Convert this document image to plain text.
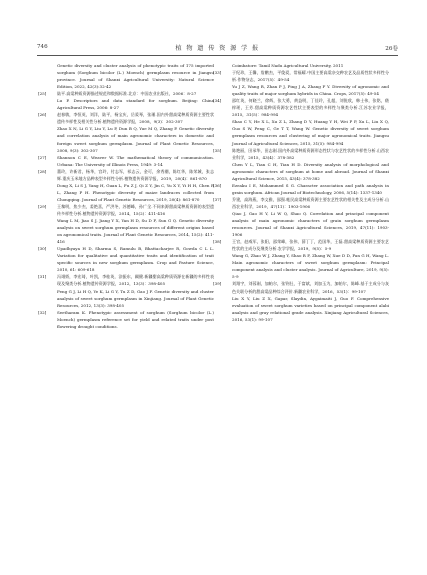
746	植 物 遗 传 资 源 学 报	26卷
Genetic diversity and cluster analysis of phenotypic traits of 175 imported sorghum (Sorghum bicolor (L.) Moench) germplasm resource in Jiangsu province. Journal of Shanxi Agricultural University: Natural Science Edition, 2022, 42(3):32-42
[25]	陆平.高粱种质资源描述规范和数据标准.北京：中国农业出版社，2006：8-27
Lu P. Descriptors and data standard for sorghum. Beijing: China Agricultural Press, 2006: 8-27
[26]	赵春敏，李恒英，刘洋，陆平，杨宝庆，岳爱琴，张瑾.国内外甜高粱种质资源主要性状遗传多样性及相关性分析.植物遗传资源学报，2008，9(3)：302-307
Zhao X N, Li G Y, Liu Y, Lu P, Dun B Q, Yue M Q, Zhang P. Genetic diversity and correlation analysis of main agronomic characters in domestic and foreign sweet sorghum germplasm. Journal of Plant Genetic Resources, 2008, 9(3): 302-307
[27]	Shannon C E, Weaver W. The mathematical theory of communication. Urbana: The University of Illinois Press, 1949: 3-14
[28]	董玲，许新君，杨华，宫玲，付志军，祁志云，金可，余秀潮，陈红华，陈荣城，张志辉.重庆玉米地方品种表型多样性分析.植物遗传资源学报，2019，20(4)：861-870
Dong X, Li S J, Yang H, Guan L, Fu Z J, Qi Z Y, Jin C, Yu X Y, Yi H H, Chen R L, Zhang P H. Phenotypic diversity of maize landraces collected from Chongqing. Journal of Plant Genetic Resources, 2019, 20(4): 861-870
[29]	王黎明，焦少杰，姜艳喜，严洪冬，苏德峰，孙广全.不同来源甜高粱种质资源的表型遗传多样性分析.植物遗传资源学报，2014，15(2)：411-416
Wang L M, Jiao S J, Jiang Y X, Yan H D, Su D F, Sun G Q. Genetic diversity analysis on sweet sorghum germplasm resources of different origins based on agronomical traits. Journal of Plant Genetic Resources, 2014, 15(2): 411-416
[30]	Upadhyaya H D, Sharma S, Ramulu B, Bhattacharjee R, Gowda C L L. Variation for qualitative and quantitative traits and identification of trait specific sources in new sorghum germplasm. Crop and Pasture Science, 2010, 61: 609-618
[31]	冯翊娇，李宏琦，叶凯，李桂英，涂振东，阚健.新疆甜高粱种质资源在新疆的多样性表现及聚类分析.植物遗传资源学报，2012，13(3)：398-405
Feng G J, Li H Q, Ye K, Li G Y, Tu Z D, Gao J F. Genetic diversity and cluster analysis of sweet sorghum germplasm in Xinjiang. Journal of Plant Genetic Resources, 2012, 13(3): 398-405
[32]	Seetharam K. Phenotypic assessment of sorghum (Sorghum bicolor (L.) Moench) germplasm reference set for yield and related traits under post flowering drought conditions.
Coimbatore: Tamil Nadu Agricultural University, 2011
[33]	于纪珍，王馨，詹鹏杰，平俊爱，常福耀.中国主要高粱杂交种农艺及品质性状多样性分析.作物杂志，2017(5)：49-54
Yu J Z, Wang R, Zhan P J, Ping J A, Zhang F Y. Diversity of agronomic and quality traits of major sorghum hybrids in China. Crops, 2017(5): 49-54
[34]	邵红英，何晓兰，徐辉，张大勇，黄益明，丁佳玲，孔超，刘锐欣，韩士伟，张铭，嵇梓瑶，王芳.甜高粱种质资源农艺性状主要表型的多样性与聚类分析.江苏农业学报，2015，31(5)：984-994
Shao C Y, He X L, Xu Z L, Zhang D Y, Huang Y H, Wei P P, Xu L, Liu X Q, Guo S W, Peng C, Ge T T, Wang W. Genetic diversity of sweet sorghum germplasm resources and clustering of major agronomical traits. Jiangsu Journal of Agricultural Sciences, 2015, 31(5): 984-994
[35]	陈艳丽，田承华，田志刚.国内外高粱种质资源形态性状与农艺性状的多样性分析.山西农业科学，2015，43(4)：378-382
Chen Y L, Tian C H, Tian H D. Diversity analysis of morphological and agronomic characters of sorghum at home and abroad. Journal of Shanxi Agricultural Science, 2015, 43(4): 378-382
[36]	Ezeaku I E, Mohammed S G. Character association and path analysis in grain sorghum. African Journal of Biotechnology, 2006, 5(14): 1337-1340
[37]	乔建，高海燕，李文雅，邵强.帐民高粱种质资源主要农艺性状的相关性及主成分分析.山西农业科学，2019，47(11)：1903-1906
Qiao J, Gao H Y, Li W Q, Shao Q. Correlation and principal component analysis of main agronomic characters of grain sorghum germplasm resources. Journal of Shanxi Agricultural Sciences, 2019, 47(11): 1903-1906
[38]	王官，赵威军，张阳，邵荣峰，张伟，薛丁丁，范国华，王磊.甜高粱种质资源主要农艺性状的主成分及聚类分析.农学学报，2019，9(5)：5-9
Wang G, Zhao W J, Zhang Y, Shao R F, Zhang W, Xue D D, Fan G H, Wang L. Main agronomic characters of sweet sorghum germplasm: Principal component analysis and cluster analysis. Journal of Agriculture, 2019, 9(5): 5-9
[39]	刘翔宇，刘蓉刚，加帕尔，张铃肚，于富斌，刘加玉为，加帕尔，陈峰.基于主成分与灰色关联分析的甜高粱品种综合评价.新疆农业科学，2016，53(1)：99-107
Liu X Y, Liu Z X, Gapar, Slaydin, Aygaimaiti J, Guo F. Comprehensive evaluation of sweet sorghum varieties based on principal component alabi analysis and gray relational grade analysis. Xinjiang Agricultural Sciences, 2016, 53(1): 99-107
